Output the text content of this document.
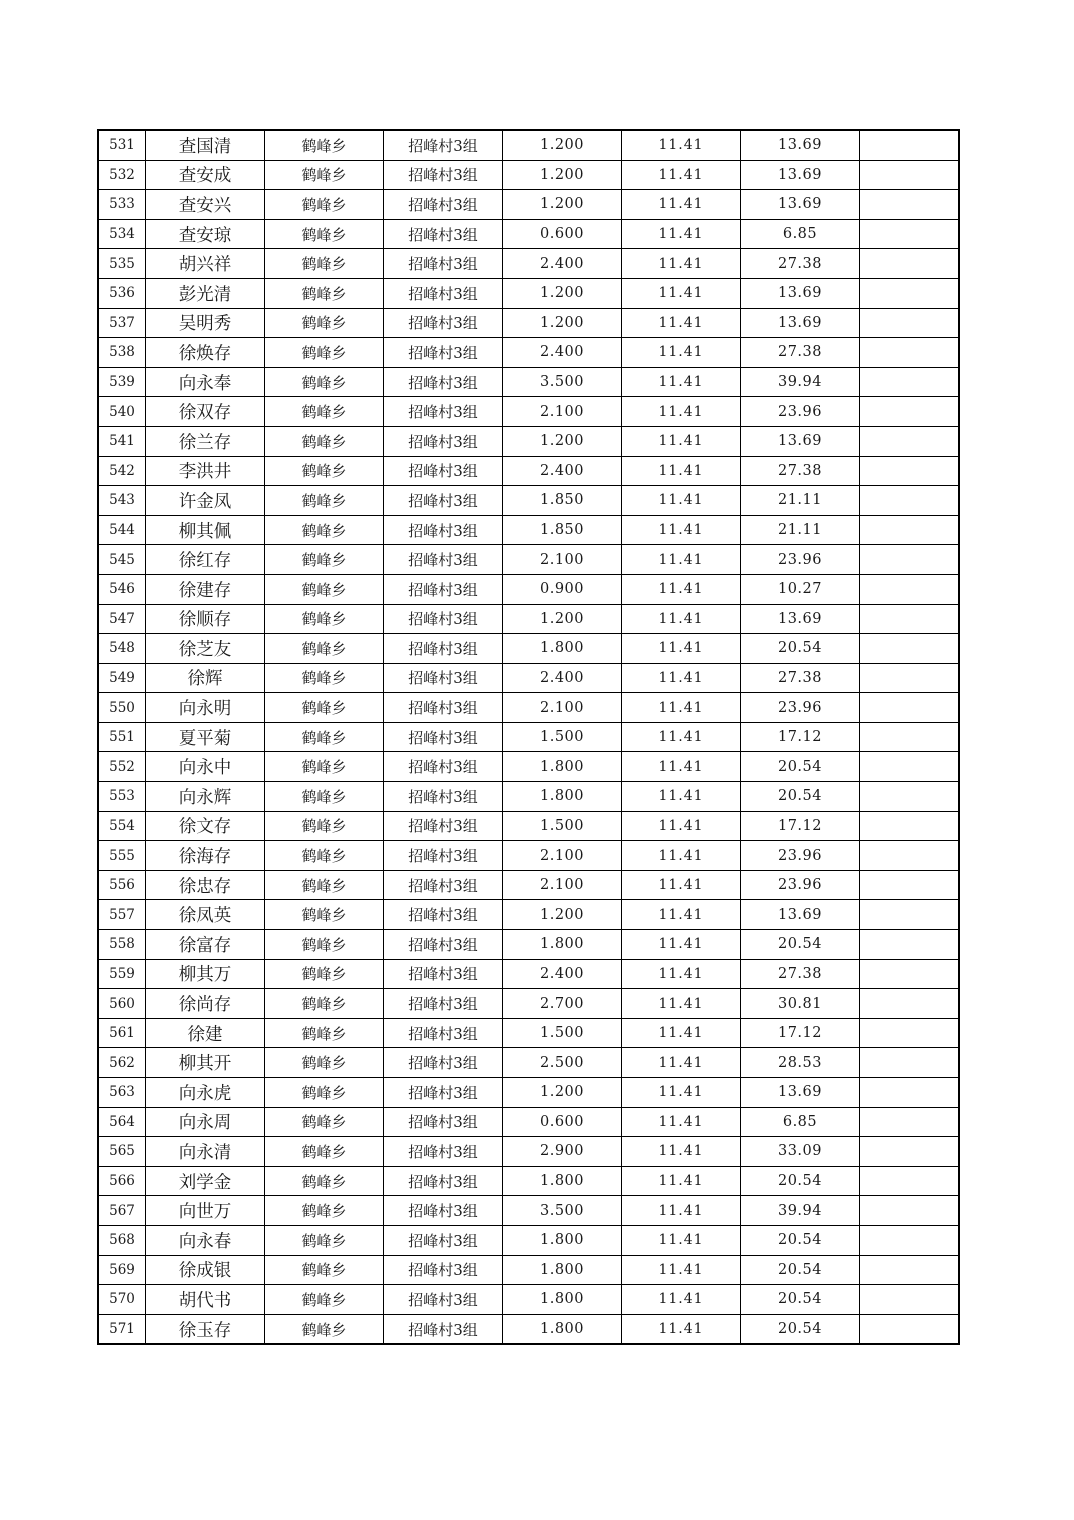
531	查国清	鹤峰乡	招峰村3组	1.200	11.41	13.69	
532	查安成	鹤峰乡	招峰村3组	1.200	11.41	13.69	
533	查安兴	鹤峰乡	招峰村3组	1.200	11.41	13.69	
534	查安琼	鹤峰乡	招峰村3组	0.600	11.41	6.85	
535	胡兴祥	鹤峰乡	招峰村3组	2.400	11.41	27.38	
536	彭光清	鹤峰乡	招峰村3组	1.200	11.41	13.69	
537	吴明秀	鹤峰乡	招峰村3组	1.200	11.41	13.69	
538	徐焕存	鹤峰乡	招峰村3组	2.400	11.41	27.38	
539	向永奉	鹤峰乡	招峰村3组	3.500	11.41	39.94	
540	徐双存	鹤峰乡	招峰村3组	2.100	11.41	23.96	
541	徐兰存	鹤峰乡	招峰村3组	1.200	11.41	13.69	
542	李洪井	鹤峰乡	招峰村3组	2.400	11.41	27.38	
543	许金凤	鹤峰乡	招峰村3组	1.850	11.41	21.11	
544	柳其佩	鹤峰乡	招峰村3组	1.850	11.41	21.11	
545	徐红存	鹤峰乡	招峰村3组	2.100	11.41	23.96	
546	徐建存	鹤峰乡	招峰村3组	0.900	11.41	10.27	
547	徐顺存	鹤峰乡	招峰村3组	1.200	11.41	13.69	
548	徐芝友	鹤峰乡	招峰村3组	1.800	11.41	20.54	
549	徐辉	鹤峰乡	招峰村3组	2.400	11.41	27.38	
550	向永明	鹤峰乡	招峰村3组	2.100	11.41	23.96	
551	夏平菊	鹤峰乡	招峰村3组	1.500	11.41	17.12	
552	向永中	鹤峰乡	招峰村3组	1.800	11.41	20.54	
553	向永辉	鹤峰乡	招峰村3组	1.800	11.41	20.54	
554	徐文存	鹤峰乡	招峰村3组	1.500	11.41	17.12	
555	徐海存	鹤峰乡	招峰村3组	2.100	11.41	23.96	
556	徐忠存	鹤峰乡	招峰村3组	2.100	11.41	23.96	
557	徐凤英	鹤峰乡	招峰村3组	1.200	11.41	13.69	
558	徐富存	鹤峰乡	招峰村3组	1.800	11.41	20.54	
559	柳其万	鹤峰乡	招峰村3组	2.400	11.41	27.38	
560	徐尚存	鹤峰乡	招峰村3组	2.700	11.41	30.81	
561	徐建	鹤峰乡	招峰村3组	1.500	11.41	17.12	
562	柳其开	鹤峰乡	招峰村3组	2.500	11.41	28.53	
563	向永虎	鹤峰乡	招峰村3组	1.200	11.41	13.69	
564	向永周	鹤峰乡	招峰村3组	0.600	11.41	6.85	
565	向永清	鹤峰乡	招峰村3组	2.900	11.41	33.09	
566	刘学金	鹤峰乡	招峰村3组	1.800	11.41	20.54	
567	向世万	鹤峰乡	招峰村3组	3.500	11.41	39.94	
568	向永春	鹤峰乡	招峰村3组	1.800	11.41	20.54	
569	徐成银	鹤峰乡	招峰村3组	1.800	11.41	20.54	
570	胡代书	鹤峰乡	招峰村3组	1.800	11.41	20.54	
571	徐玉存	鹤峰乡	招峰村3组	1.800	11.41	20.54	
